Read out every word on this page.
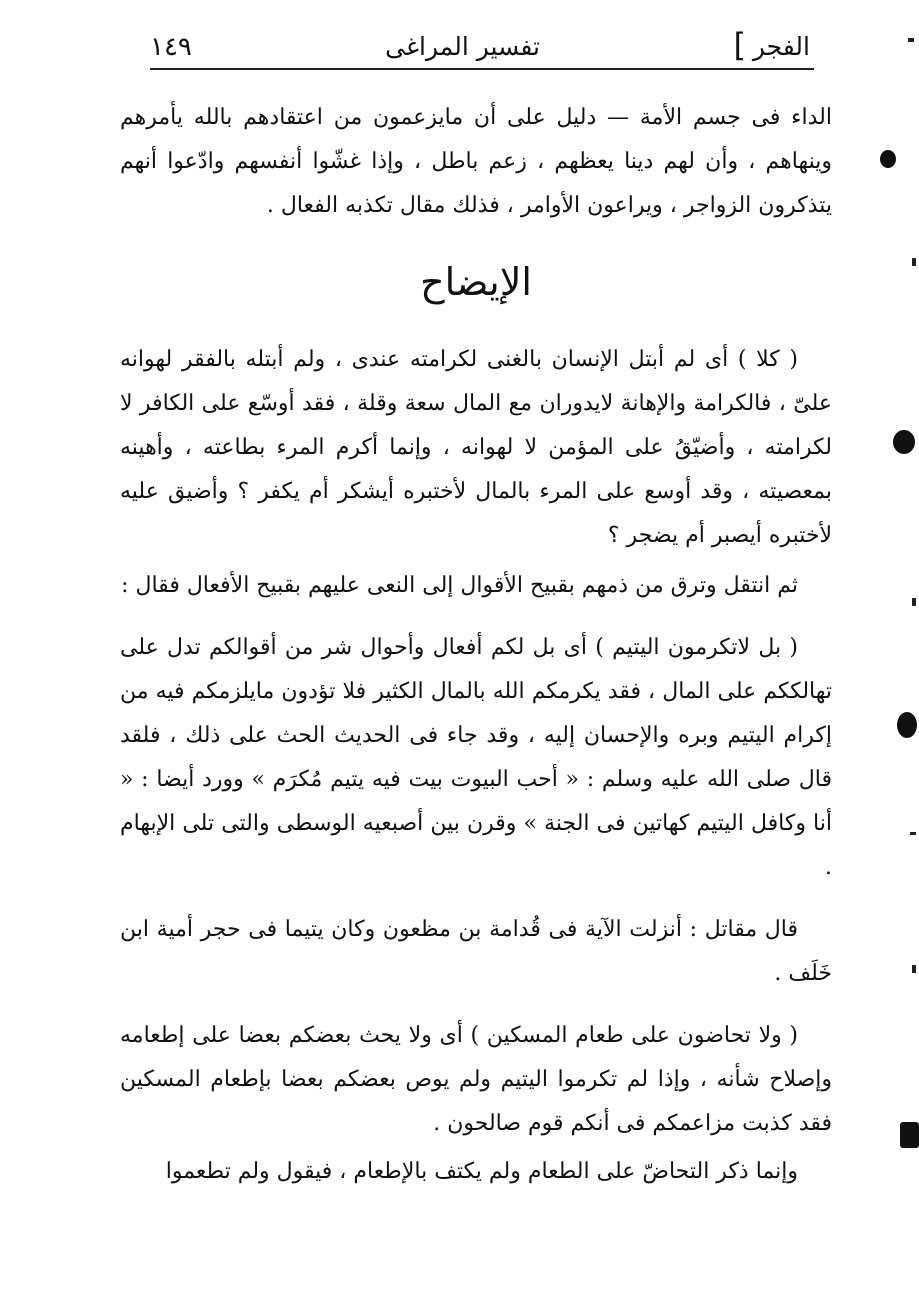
الفجر
]
تفسير المراغى
١٤٩

الداء فى جسم الأمة — دليل على أن مايزعمون من اعتقادهم بالله يأمرهم وينهاهم ، وأن لهم دينا يعظهم ، زعم باطل ، وإذا غشّوا أنفسهم وادّعوا أنهم يتذكرون الزواجر ، ويراعون الأوامر ، فذلك مقال تكذبه الفعال .

الإيضاح

( كلا ) أى لم أبتل الإنسان بالغنى لكرامته عندى ، ولم أبتله بالفقر لهوانه علىّ ، فالكرامة والإهانة لايدوران مع المال سعة وقلة ، فقد أوسّع على الكافر لا لكرامته ، وأضيّقُ على المؤمن لا لهوانه ، وإنما أكرم المرء بطاعته ، وأهينه بمعصيته ، وقد أوسع على المرء بالمال لأختبره أيشكر أم يكفر ؟ وأضيق عليه لأختبره أيصبر أم يضجر ؟

ثم انتقل وترق من ذمهم بقبيح الأقوال إلى النعى عليهم بقبيح الأفعال فقال :

( بل لاتكرمون اليتيم ) أى بل لكم أفعال وأحوال شر من أقوالكم تدل على تهالككم على المال ، فقد يكرمكم الله بالمال الكثير فلا تؤدون مايلزمكم فيه من إكرام اليتيم وبره والإحسان إليه ، وقد جاء فى الحديث الحث على ذلك ، فلقد قال صلى الله عليه وسلم : « أحب البيوت بيت فيه يتيم مُكرَم » وورد أيضا : « أنا وكافل اليتيم كهاتين فى الجنة » وقرن بين أصبعيه الوسطى والتى تلى الإبهام .

قال مقاتل : أنزلت الآية فى قُدامة بن مظعون وكان يتيما فى حجر أمية ابن خَلَف .

( ولا تحاضون على طعام المسكين ) أى ولا يحث بعضكم بعضا على إطعامه وإصلاح شأنه ، وإذا لم تكرموا اليتيم ولم يوص بعضكم بعضا بإطعام المسكين فقد كذبت مزاعمكم فى أنكم قوم صالحون .

وإنما ذكر التحاضّ على الطعام ولم يكتف بالإطعام ، فيقول ولم تطعموا
